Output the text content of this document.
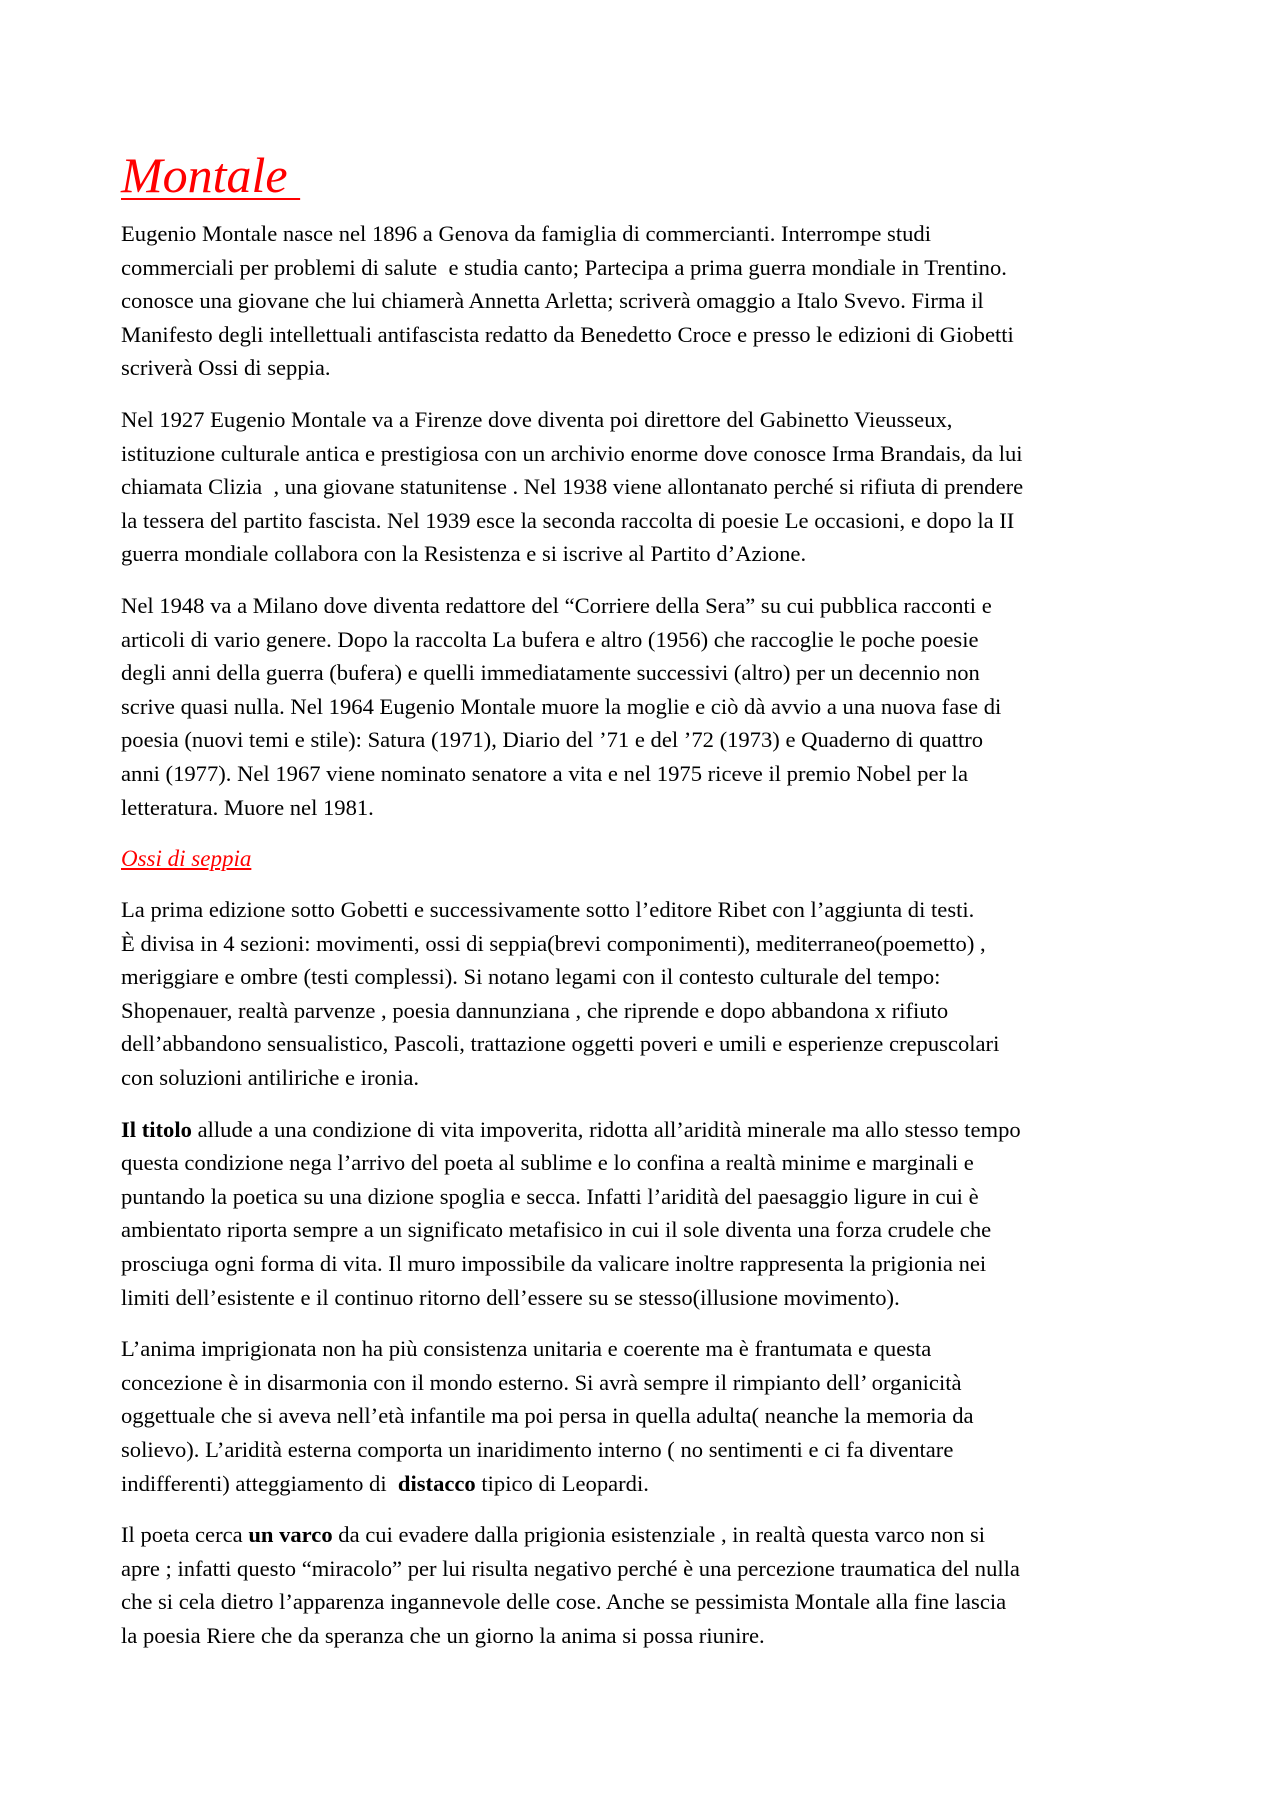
Montale
Eugenio Montale nasce nel 1896 a Genova da famiglia di commercianti. Interrompe studi
commerciali per problemi di salute  e studia canto; Partecipa a prima guerra mondiale in Trentino.
conosce una giovane che lui chiamerà Annetta Arletta; scriverà omaggio a Italo Svevo. Firma il
Manifesto degli intellettuali antifascista redatto da Benedetto Croce e presso le edizioni di Giobetti
scriverà Ossi di seppia.
Nel 1927 Eugenio Montale va a Firenze dove diventa poi direttore del Gabinetto Vieusseux,
istituzione culturale antica e prestigiosa con un archivio enorme dove conosce Irma Brandais, da lui
chiamata Clizia  , una giovane statunitense . Nel 1938 viene allontanato perché si rifiuta di prendere
la tessera del partito fascista. Nel 1939 esce la seconda raccolta di poesie Le occasioni, e dopo la II
guerra mondiale collabora con la Resistenza e si iscrive al Partito d’Azione.
Nel 1948 va a Milano dove diventa redattore del “Corriere della Sera” su cui pubblica racconti e
articoli di vario genere. Dopo la raccolta La bufera e altro (1956) che raccoglie le poche poesie
degli anni della guerra (bufera) e quelli immediatamente successivi (altro) per un decennio non
scrive quasi nulla. Nel 1964 Eugenio Montale muore la moglie e ciò dà avvio a una nuova fase di
poesia (nuovi temi e stile): Satura (1971), Diario del ’71 e del ’72 (1973) e Quaderno di quattro
anni (1977). Nel 1967 viene nominato senatore a vita e nel 1975 riceve il premio Nobel per la
letteratura. Muore nel 1981.
Ossi di seppia
La prima edizione sotto Gobetti e successivamente sotto l’editore Ribet con l’aggiunta di testi.
È divisa in 4 sezioni: movimenti, ossi di seppia(brevi componimenti), mediterraneo(poemetto) ,
meriggiare e ombre (testi complessi). Si notano legami con il contesto culturale del tempo:
Shopenauer, realtà parvenze , poesia dannunziana , che riprende e dopo abbandona x rifiuto
dell’abbandono sensualistico, Pascoli, trattazione oggetti poveri e umili e esperienze crepuscolari
con soluzioni antiliriche e ironia.
Il titolo allude a una condizione di vita impoverita, ridotta all’aridità minerale ma allo stesso tempo
questa condizione nega l’arrivo del poeta al sublime e lo confina a realtà minime e marginali e
puntando la poetica su una dizione spoglia e secca. Infatti l’aridità del paesaggio ligure in cui è
ambientato riporta sempre a un significato metafisico in cui il sole diventa una forza crudele che
prosciuga ogni forma di vita. Il muro impossibile da valicare inoltre rappresenta la prigionia nei
limiti dell’esistente e il continuo ritorno dell’essere su se stesso(illusione movimento).
L’anima imprigionata non ha più consistenza unitaria e coerente ma è frantumata e questa
concezione è in disarmonia con il mondo esterno. Si avrà sempre il rimpianto dell’ organicità
oggettuale che si aveva nell’età infantile ma poi persa in quella adulta( neanche la memoria da
solievo). L’aridità esterna comporta un inaridimento interno ( no sentimenti e ci fa diventare
indifferenti) atteggiamento di  distacco tipico di Leopardi.
Il poeta cerca un varco da cui evadere dalla prigionia esistenziale , in realtà questa varco non si
apre ; infatti questo “miracolo” per lui risulta negativo perché è una percezione traumatica del nulla
che si cela dietro l’apparenza ingannevole delle cose. Anche se pessimista Montale alla fine lascia
la poesia Riere che da speranza che un giorno la anima si possa riunire.
